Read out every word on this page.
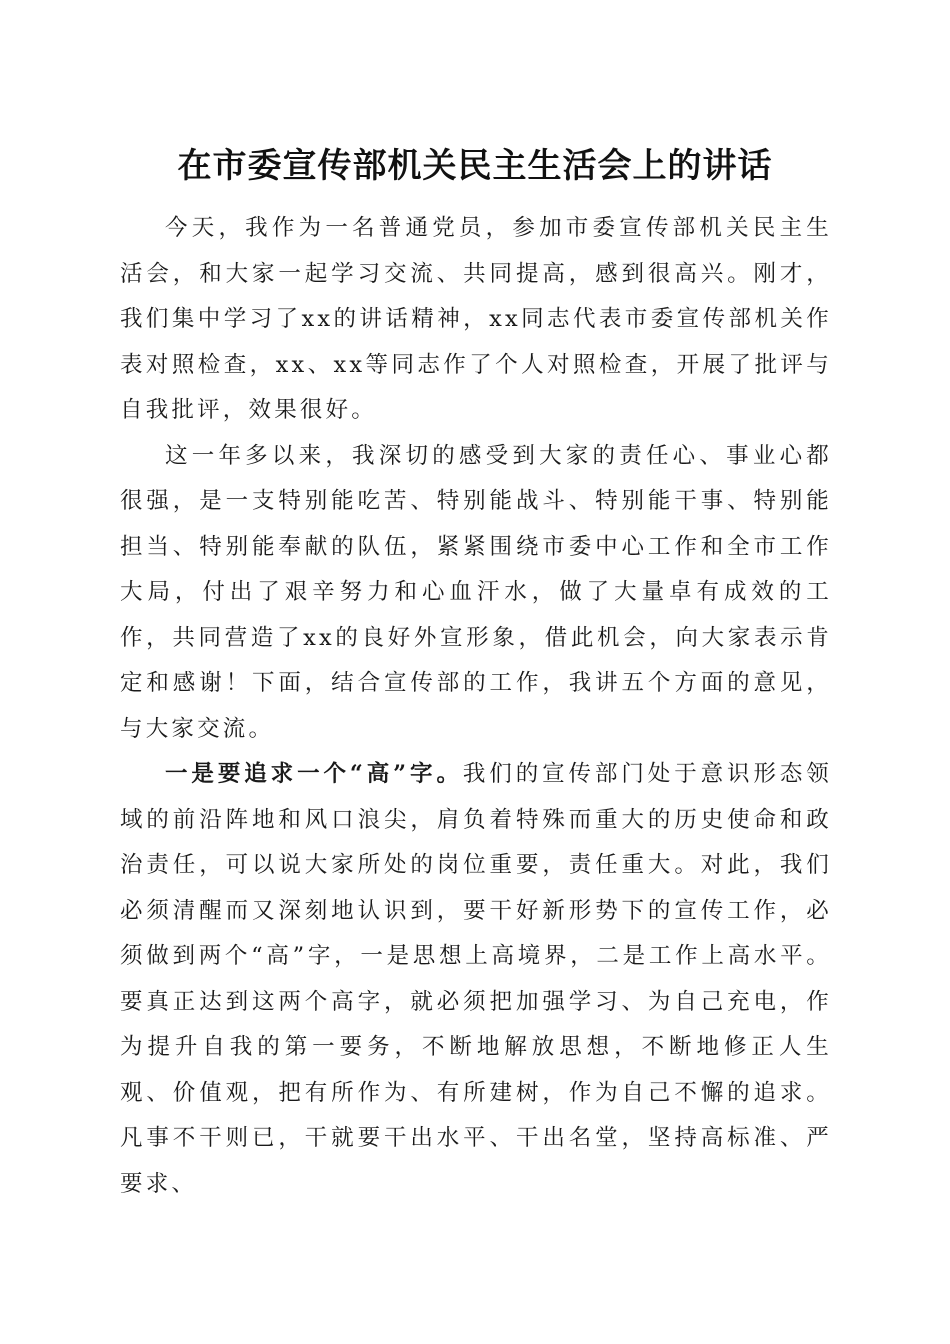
在市委宣传部机关民主生活会上的讲话

今天，我作为一名普通党员，参加市委宣传部机关民主生活会，和大家一起学习交流、共同提高，感到很高兴。刚才，我们集中学习了xx的讲话精神，xx同志代表市委宣传部机关作表对照检查，xx、xx等同志作了个人对照检查，开展了批评与自我批评，效果很好。

这一年多以来，我深切的感受到大家的责任心、事业心都很强，是一支特别能吃苦、特别能战斗、特别能干事、特别能担当、特别能奉献的队伍，紧紧围绕市委中心工作和全市工作大局，付出了艰辛努力和心血汗水，做了大量卓有成效的工作，共同营造了xx的良好外宣形象，借此机会，向大家表示肯定和感谢！下面，结合宣传部的工作，我讲五个方面的意见，与大家交流。

一是要追求一个“高”字。我们的宣传部门处于意识形态领域的前沿阵地和风口浪尖，肩负着特殊而重大的历史使命和政治责任，可以说大家所处的岗位重要，责任重大。对此，我们必须清醒而又深刻地认识到，要干好新形势下的宣传工作，必须做到两个“高”字，一是思想上高境界，二是工作上高水平。要真正达到这两个高字，就必须把加强学习、为自己充电，作为提升自我的第一要务，不断地解放思想，不断地修正人生观、价值观，把有所作为、有所建树，作为自己不懈的追求。凡事不干则已，干就要干出水平、干出名堂，坚持高标准、严要求、
